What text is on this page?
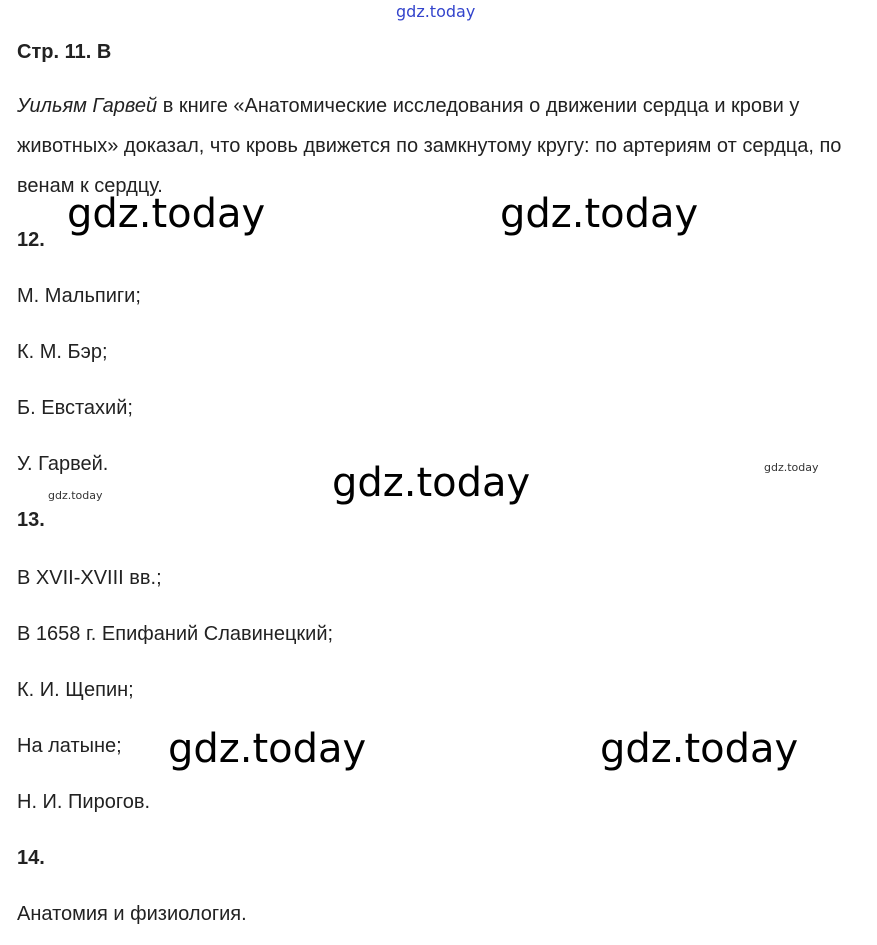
gdz.today
Стр. 11. В
Уильям Гарвей в книге «Анатомические исследования о движении сердца и крови у животных» доказал, что кровь движется по замкнутому кругу: по артериям от сердца, по венам к сердцу.
12.
М. Мальпиги;
К. М. Бэр;
Б. Евстахий;
У. Гарвей.
13.
В XVII-XVIII вв.;
В 1658 г. Епифаний Славинецкий;
К. И. Щепин;
На латыне;
Н. И. Пирогов.
14.
Анатомия и физиология.
gdz.today	gdz.today
gdz.today
gdz.today	gdz.today
gdz.today
gdz.today
